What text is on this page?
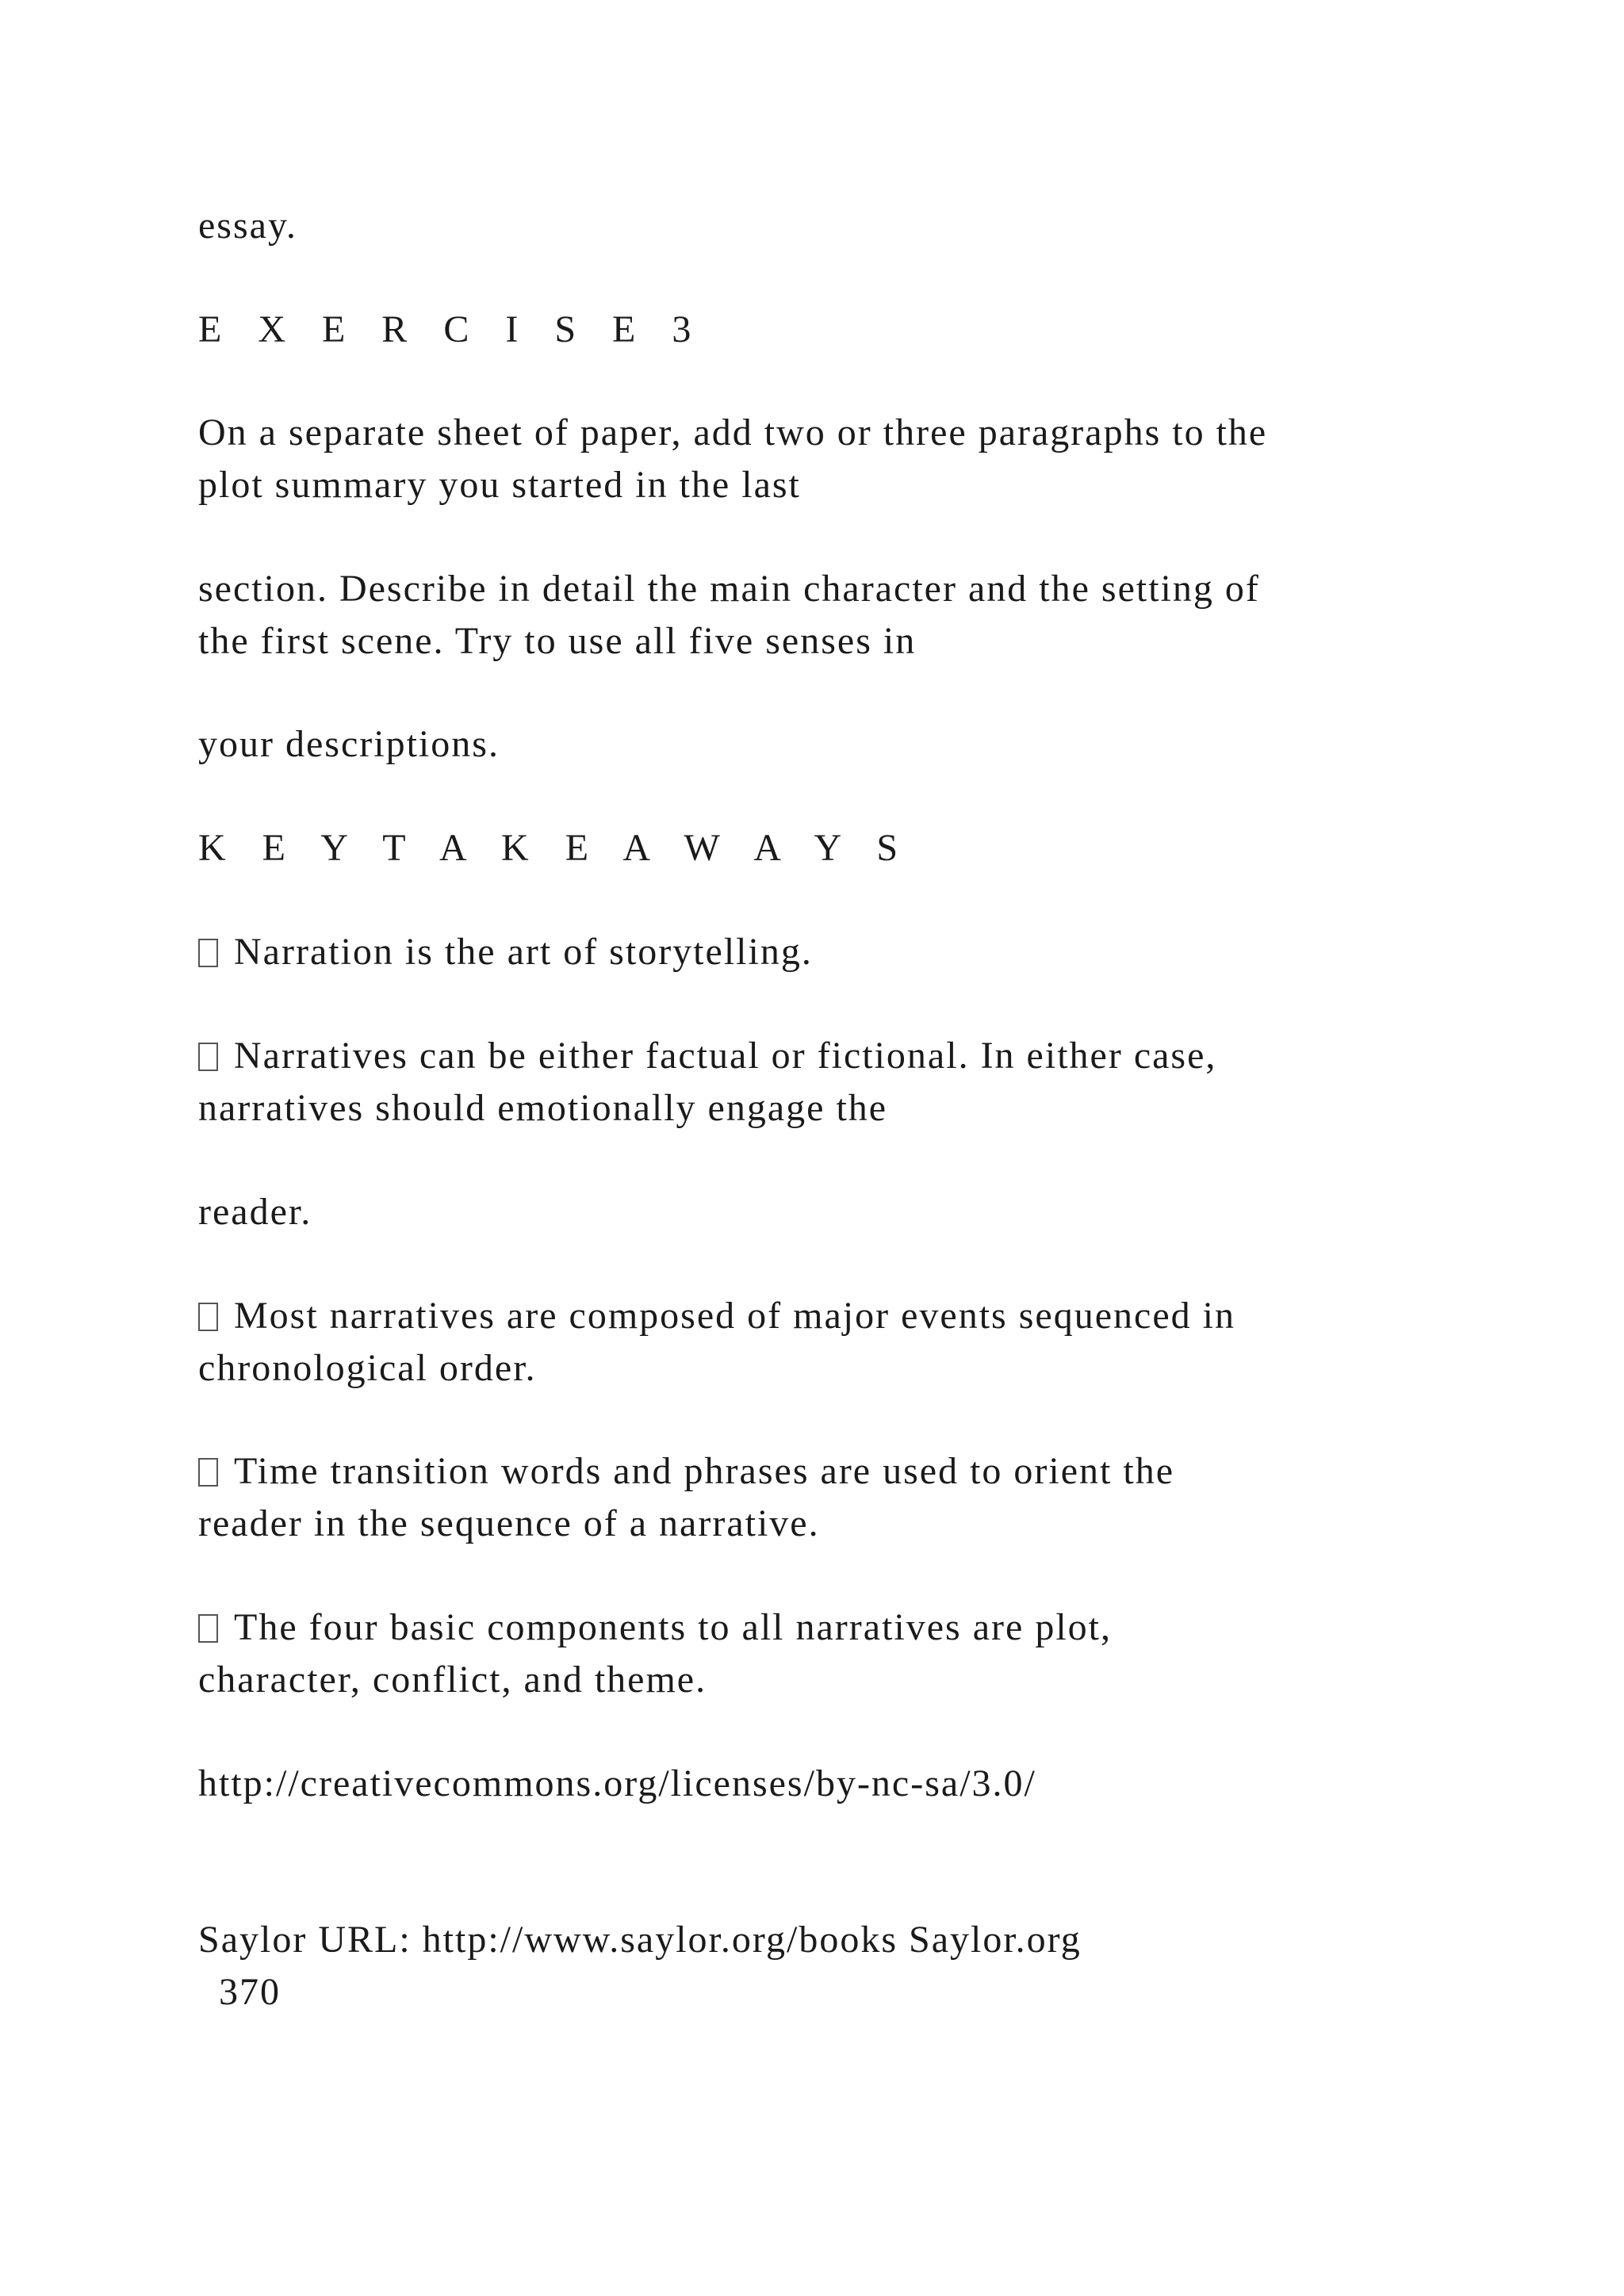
essay.

E X E R C I S E 3

On a separate sheet of paper, add two or three paragraphs to the

plot summary you started in the last

section. Describe in detail the main character and the setting of

the first scene. Try to use all five senses in

your descriptions.

K E Y T A K E A W A Y S

Narration is the art of storytelling.

Narratives can be either factual or fictional. In either case,

narratives should emotionally engage the

reader.

Most narratives are composed of major events sequenced in

chronological order.

Time transition words and phrases are used to orient the

reader in the sequence of a narrative.

The four basic components to all narratives are plot,

character, conflict, and theme.

http://creativecommons.org/licenses/by-nc-sa/3.0/

Saylor URL: http://www.saylor.org/books Saylor.org

370
